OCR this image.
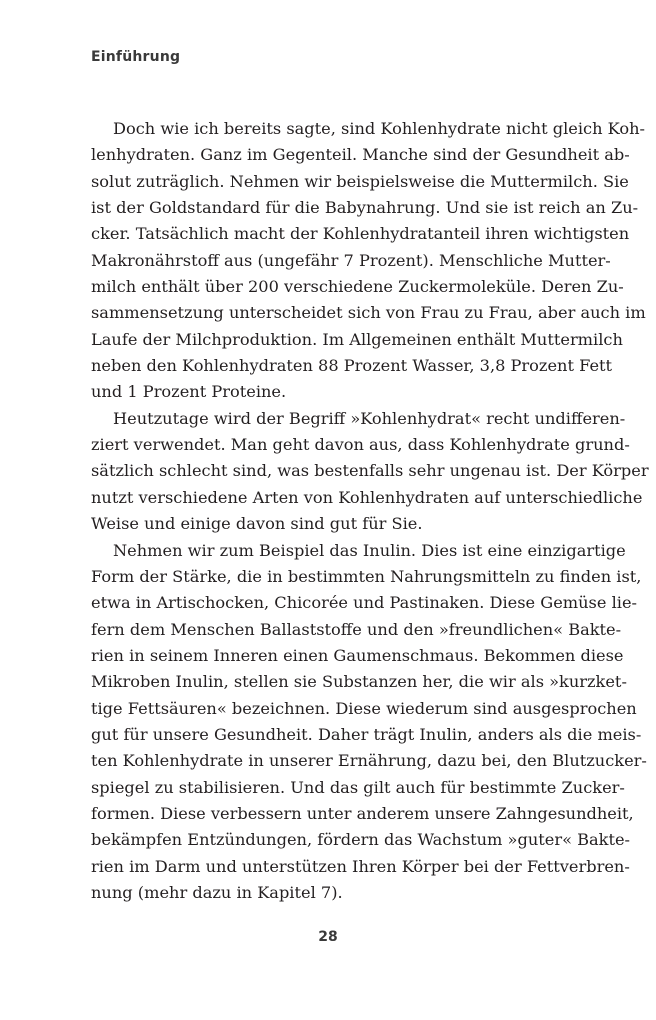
Einführung
Doch wie ich bereits sagte, sind Kohlenhydrate nicht gleich Koh-
lenhydraten. Ganz im Gegenteil. Manche sind der Gesundheit ab-
solut zuträglich. Nehmen wir beispielsweise die Muttermilch. Sie
ist der Goldstandard für die Babynahrung. Und sie ist reich an Zu-
cker. Tatsächlich macht der Kohlenhydratanteil ihren wichtigsten
Makronährstoff aus (ungefähr 7 Prozent). Menschliche Mutter-
milch enthält über 200 verschiedene Zuckermoleküle. Deren Zu-
sammensetzung unterscheidet sich von Frau zu Frau, aber auch im
Laufe der Milchproduktion. Im Allgemeinen enthält Muttermilch
neben den Kohlenhydraten 88 Prozent Wasser, 3,8 Prozent Fett
und 1 Prozent Proteine.
Heutzutage wird der Begriff »Kohlenhydrat« recht undifferen-
ziert verwendet. Man geht davon aus, dass Kohlenhydrate grund-
sätzlich schlecht sind, was bestenfalls sehr ungenau ist. Der Körper
nutzt verschiedene Arten von Kohlenhydraten auf unterschiedliche
Weise und einige davon sind gut für Sie.
Nehmen wir zum Beispiel das Inulin. Dies ist eine einzigartige
Form der Stärke, die in bestimmten Nahrungsmitteln zu finden ist,
etwa in Artischocken, Chicorée und Pastinaken. Diese Gemüse lie-
fern dem Menschen Ballaststoffe und den »freundlichen« Bakte-
rien in seinem Inneren einen Gaumenschmaus. Bekommen diese
Mikroben Inulin, stellen sie Substanzen her, die wir als »kurzket-
tige Fettsäuren« bezeichnen. Diese wiederum sind ausgesprochen
gut für unsere Gesundheit. Daher trägt Inulin, anders als die meis-
ten Kohlenhydrate in unserer Ernährung, dazu bei, den Blutzucker-
spiegel zu stabilisieren. Und das gilt auch für bestimmte Zucker-
formen. Diese verbessern unter anderem unsere Zahngesundheit,
bekämpfen Entzündungen, fördern das Wachstum »guter« Bakte-
rien im Darm und unterstützen Ihren Körper bei der Fettverbren-
nung (mehr dazu in Kapitel 7).
28
